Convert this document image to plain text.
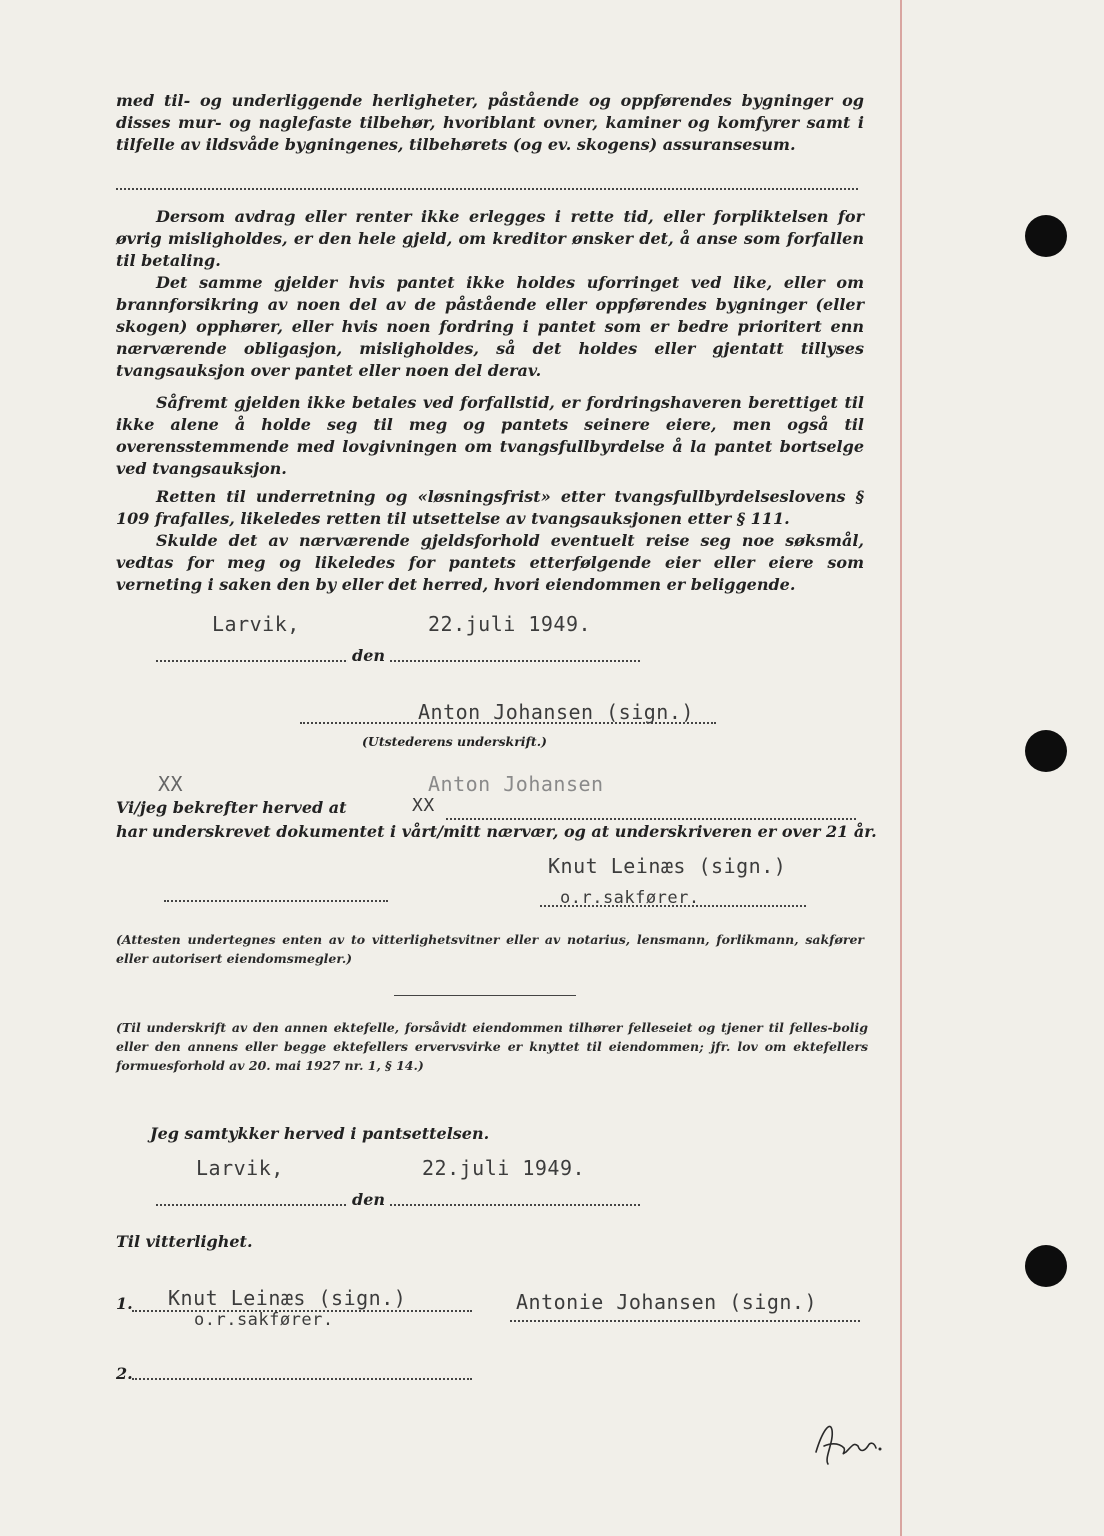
med til- og underliggende herligheter, påstående og oppførendes bygninger og disses mur- og naglefaste tilbehør, hvoriblant ovner, kaminer og komfyrer samt i tilfelle av ildsvåde bygningenes, tilbehørets (og ev. skogens) assuransesum.

Dersom avdrag eller renter ikke erlegges i rette tid, eller forpliktelsen for øvrig misligholdes, er den hele gjeld, om kreditor ønsker det, å anse som forfallen til betaling.

Det samme gjelder hvis pantet ikke holdes uforringet ved like, eller om brannforsikring av noen del av de påstående eller oppførendes bygninger (eller skogen) opphører, eller hvis noen fordring i pantet som er bedre prioritert enn nærværende obligasjon, misligholdes, så det holdes eller gjentatt tillyses tvangsauksjon over pantet eller noen del derav.

Såfremt gjelden ikke betales ved forfallstid, er fordringshaveren berettiget til ikke alene å holde seg til meg og pantets seinere eiere, men også til overensstemmende med lovgivningen om tvangsfullbyrdelse å la pantet bortselge ved tvangsauksjon.

Retten til underretning og «løsningsfrist» etter tvangsfullbyrdelseslovens § 109 frafalles, likeledes retten til utsettelse av tvangsauksjonen etter § 111.

Skulde det av nærværende gjeldsforhold eventuelt reise seg noe søksmål, vedtas for meg og likeledes for pantets etterfølgende eier eller eiere som verneting i saken den by eller det herred, hvori eiendommen er beliggende.

Larvik,	22.juli 1949.

den

Anton Johansen (sign.)

(Utstederens underskrift.)

XX	Anton Johansen

Vi/jeg bekrefter herved at	XX

har underskrevet dokumentet i vårt/mitt nærvær, og at underskriveren er over 21 år.

Knut Leinæs (sign.)

o.r.sakfører.

(Attesten undertegnes enten av to vitterlighetsvitner eller av notarius, lensmann, forlikmann, sakfører eller autorisert eiendomsmegler.)

(Til underskrift av den annen ektefelle, forsåvidt eiendommen tilhører felleseiet og tjener til felles-bolig eller den annens eller begge ektefellers ervervsvirke er knyttet til eiendommen; jfr. lov om ektefellers formuesforhold av 20. mai 1927 nr. 1, § 14.)

Jeg samtykker herved i pantsettelsen.

Larvik,	22.juli 1949.

den

Til vitterlighet.

1. Knut Leinæs (sign.)

o.r.sakfører.

Antonie Johansen (sign.)

2.
